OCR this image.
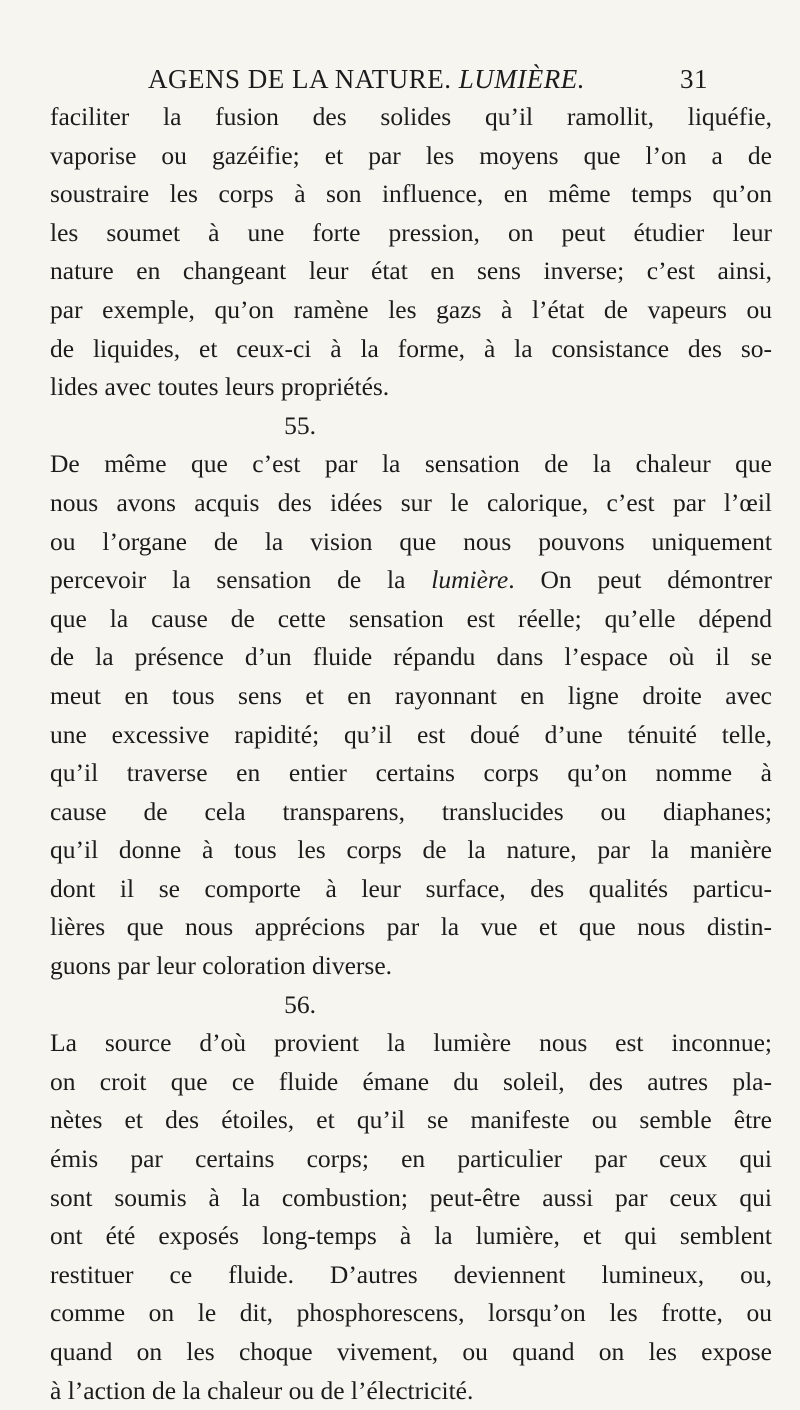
AGENS DE LA NATURE. LUMIÈRE.	31
faciliter la fusion des solides qu’il ramollit, liquéfie,
vaporise ou gazéifie; et par les moyens que l’on a de
soustraire les corps à son influence, en même temps qu’on
les soumet à une forte pression, on peut étudier leur
nature en changeant leur état en sens inverse; c’est ainsi,
par exemple, qu’on ramène les gazs à l’état de vapeurs ou
de liquides, et ceux-ci à la forme, à la consistance des so-
lides avec toutes leurs propriétés.
55.
De même que c’est par la sensation de la chaleur que
nous avons acquis des idées sur le calorique, c’est par l’œil
ou l’organe de la vision que nous pouvons uniquement
percevoir la sensation de la lumière. On peut démontrer
que la cause de cette sensation est réelle; qu’elle dépend
de la présence d’un fluide répandu dans l’espace où il se
meut en tous sens et en rayonnant en ligne droite avec
une excessive rapidité; qu’il est doué d’une ténuité telle,
qu’il traverse en entier certains corps qu’on nomme à
cause de cela transparens, translucides ou diaphanes;
qu’il donne à tous les corps de la nature, par la manière
dont il se comporte à leur surface, des qualités particu-
lières que nous apprécions par la vue et que nous distin-
guons par leur coloration diverse.
56.
La source d’où provient la lumière nous est inconnue;
on croit que ce fluide émane du soleil, des autres pla-
nètes et des étoiles, et qu’il se manifeste ou semble être
émis par certains corps; en particulier par ceux qui
sont soumis à la combustion; peut-être aussi par ceux qui
ont été exposés long-temps à la lumière, et qui semblent
restituer ce fluide. D’autres deviennent lumineux, ou,
comme on le dit, phosphorescens, lorsqu’on les frotte, ou
quand on les choque vivement, ou quand on les expose
à l’action de la chaleur ou de l’électricité.
